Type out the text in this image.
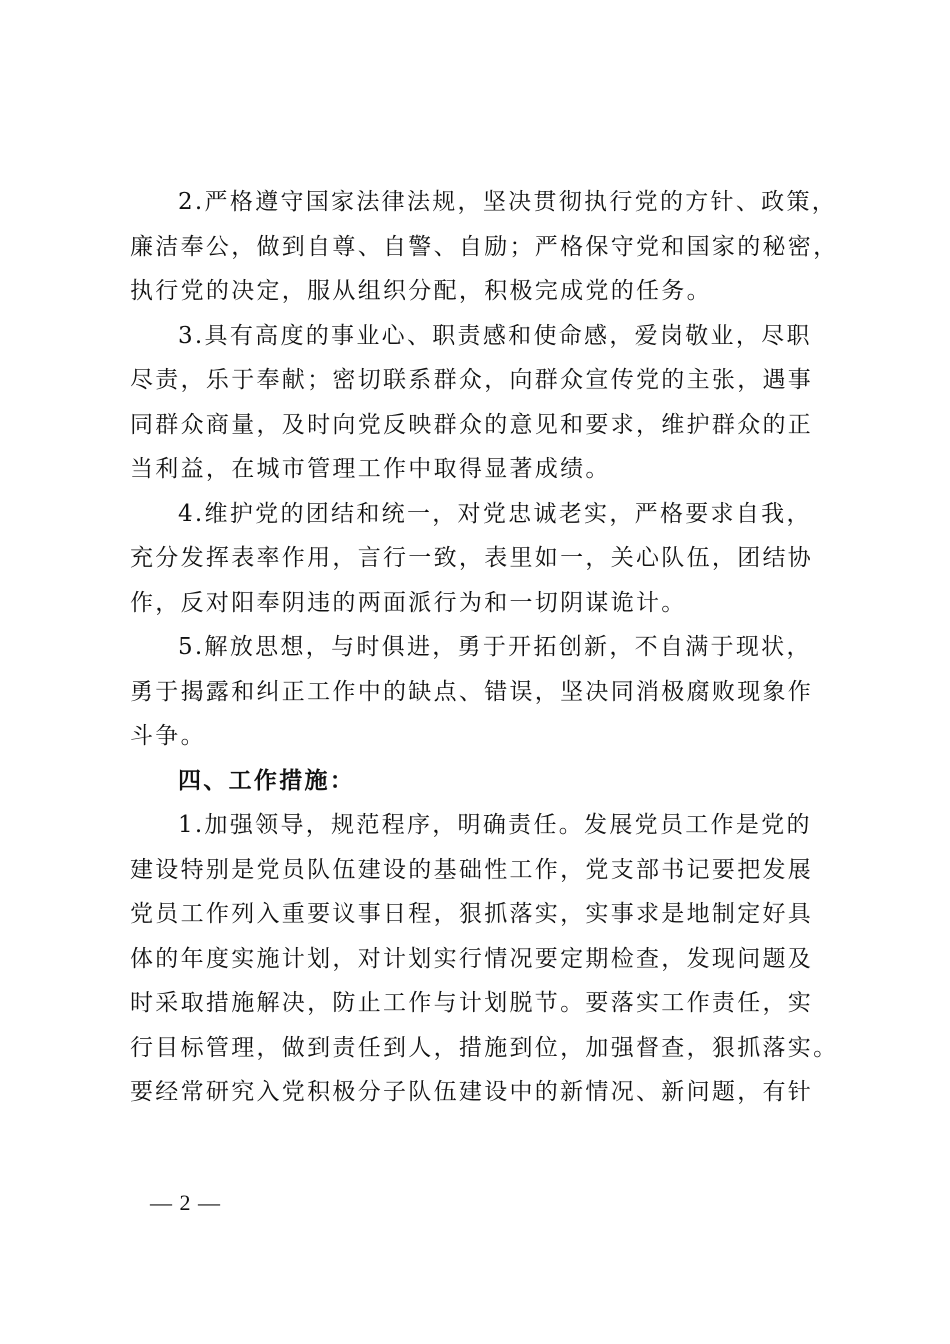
2.严格遵守国家法律法规，坚决贯彻执行党的方针、政策，
廉洁奉公，做到自尊、自警、自励；严格保守党和国家的秘密，
执行党的决定，服从组织分配，积极完成党的任务。
3.具有高度的事业心、职责感和使命感，爱岗敬业，尽职
尽责，乐于奉献；密切联系群众，向群众宣传党的主张，遇事
同群众商量，及时向党反映群众的意见和要求，维护群众的正
当利益，在城市管理工作中取得显著成绩。
4.维护党的团结和统一，对党忠诚老实，严格要求自我，
充分发挥表率作用，言行一致，表里如一，关心队伍，团结协
作，反对阳奉阴违的两面派行为和一切阴谋诡计。
5.解放思想，与时俱进，勇于开拓创新，不自满于现状，
勇于揭露和纠正工作中的缺点、错误，坚决同消极腐败现象作
斗争。
四、工作措施：
1.加强领导，规范程序，明确责任。发展党员工作是党的
建设特别是党员队伍建设的基础性工作，党支部书记要把发展
党员工作列入重要议事日程，狠抓落实，实事求是地制定好具
体的年度实施计划，对计划实行情况要定期检查，发现问题及
时采取措施解决，防止工作与计划脱节。要落实工作责任，实
行目标管理，做到责任到人，措施到位，加强督查，狠抓落实。
要经常研究入党积极分子队伍建设中的新情况、新问题，有针
— 2 —
